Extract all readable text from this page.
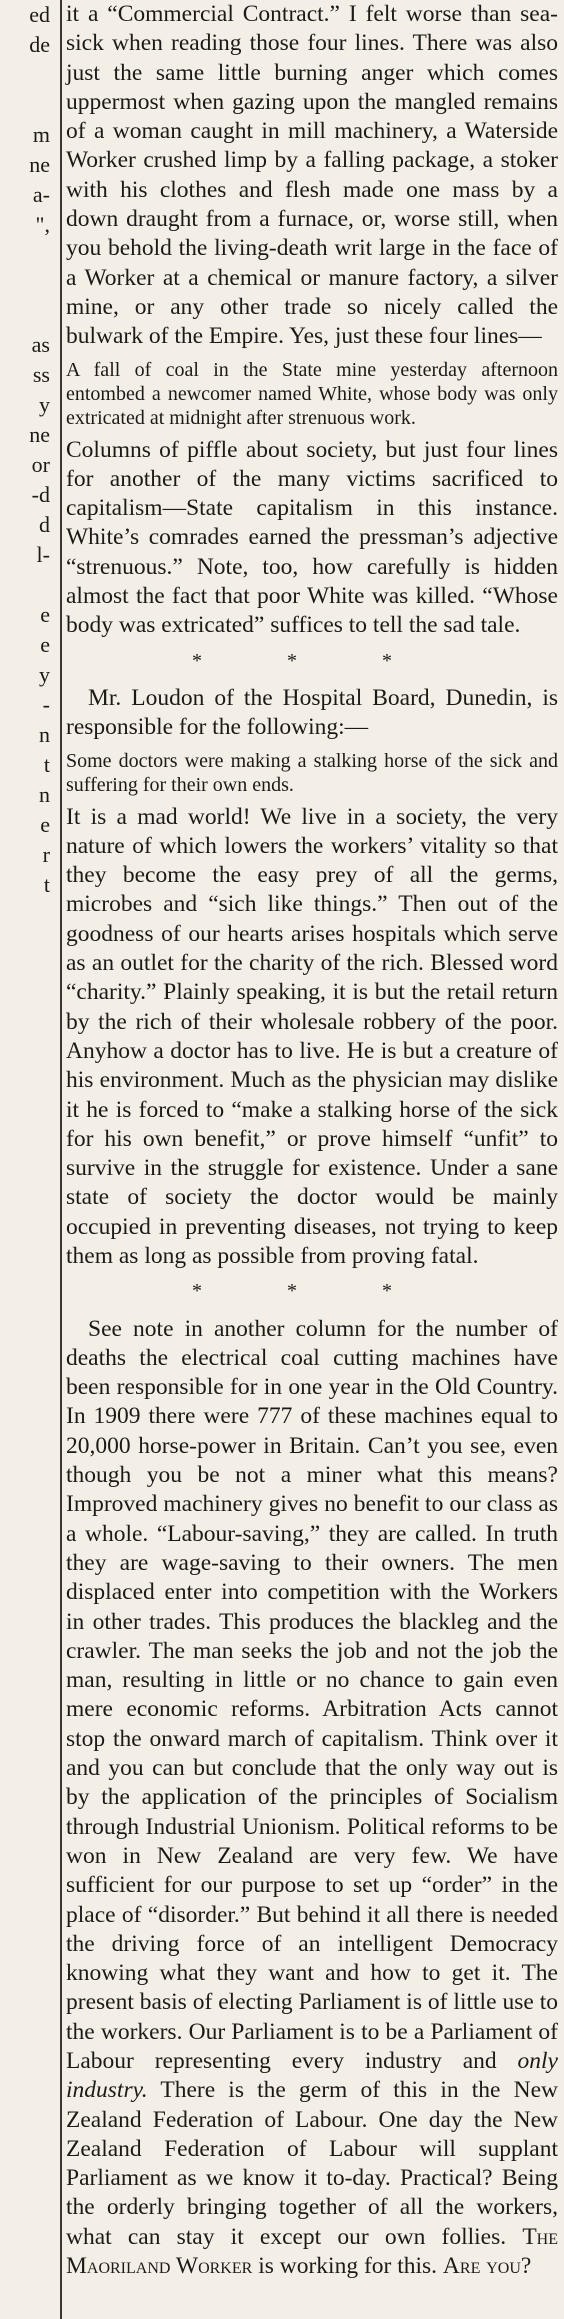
ed
de
m
ne
a-
",
as
ss
y
ne
or
-d
d
l-
e
e
y
-
n
t
n
e
r
t

it a “Commercial Contract.” I felt worse than sea-sick when reading those four lines. There was also just the same little burning anger which comes uppermost when gazing upon the mangled remains of a woman caught in mill machinery, a Waterside Worker crushed limp by a falling package, a stoker with his clothes and flesh made one mass by a down draught from a furnace, or, worse still, when you behold the living-death writ large in the face of a Worker at a chemical or manure factory, a silver mine, or any other trade so nicely called the bulwark of the Empire. Yes, just these four lines—

A fall of coal in the State mine yesterday afternoon entombed a newcomer named White, whose body was only extricated at midnight after strenuous work.

Columns of piffle about society, but just four lines for another of the many victims sacrificed to capitalism—State capitalism in this instance. White’s comrades earned the pressman’s adjective “strenuous.” Note, too, how carefully is hidden almost the fact that poor White was killed. “Whose body was extricated” suffices to tell the sad tale.

* * *

Mr. Loudon of the Hospital Board, Dunedin, is responsible for the following:—

Some doctors were making a stalking horse of the sick and suffering for their own ends.

It is a mad world! We live in a society, the very nature of which lowers the workers’ vitality so that they become the easy prey of all the germs, microbes and “sich like things.” Then out of the goodness of our hearts arises hospitals which serve as an outlet for the charity of the rich. Blessed word “charity.” Plainly speaking, it is but the retail return by the rich of their wholesale robbery of the poor. Anyhow a doctor has to live. He is but a creature of his environment. Much as the physician may dislike it he is forced to “make a stalking horse of the sick for his own benefit,” or prove himself “unfit” to survive in the struggle for existence. Under a sane state of society the doctor would be mainly occupied in preventing diseases, not trying to keep them as long as possible from proving fatal.

* * *

See note in another column for the number of deaths the electrical coal cutting machines have been responsible for in one year in the Old Country. In 1909 there were 777 of these machines equal to 20,000 horse-power in Britain. Can’t you see, even though you be not a miner what this means? Improved machinery gives no benefit to our class as a whole. “Labour-saving,” they are called. In truth they are wage-saving to their owners. The men displaced enter into competition with the Workers in other trades. This produces the blackleg and the crawler. The man seeks the job and not the job the man, resulting in little or no chance to gain even mere economic reforms. Arbitration Acts cannot stop the onward march of capitalism. Think over it and you can but conclude that the only way out is by the application of the principles of Socialism through Industrial Unionism. Political reforms to be won in New Zealand are very few. We have sufficient for our purpose to set up “order” in the place of “disorder.” But behind it all there is needed the driving force of an intelligent Democracy knowing what they want and how to get it. The present basis of electing Parliament is of little use to the workers. Our Parliament is to be a Parliament of Labour representing every industry and only industry. There is the germ of this in the New Zealand Federation of Labour. One day the New Zealand Federation of Labour will supplant Parliament as we know it to-day. Practical? Being the orderly bringing together of all the workers, what can stay it except our own follies. The Maoriland Worker is working for this. Are you?
